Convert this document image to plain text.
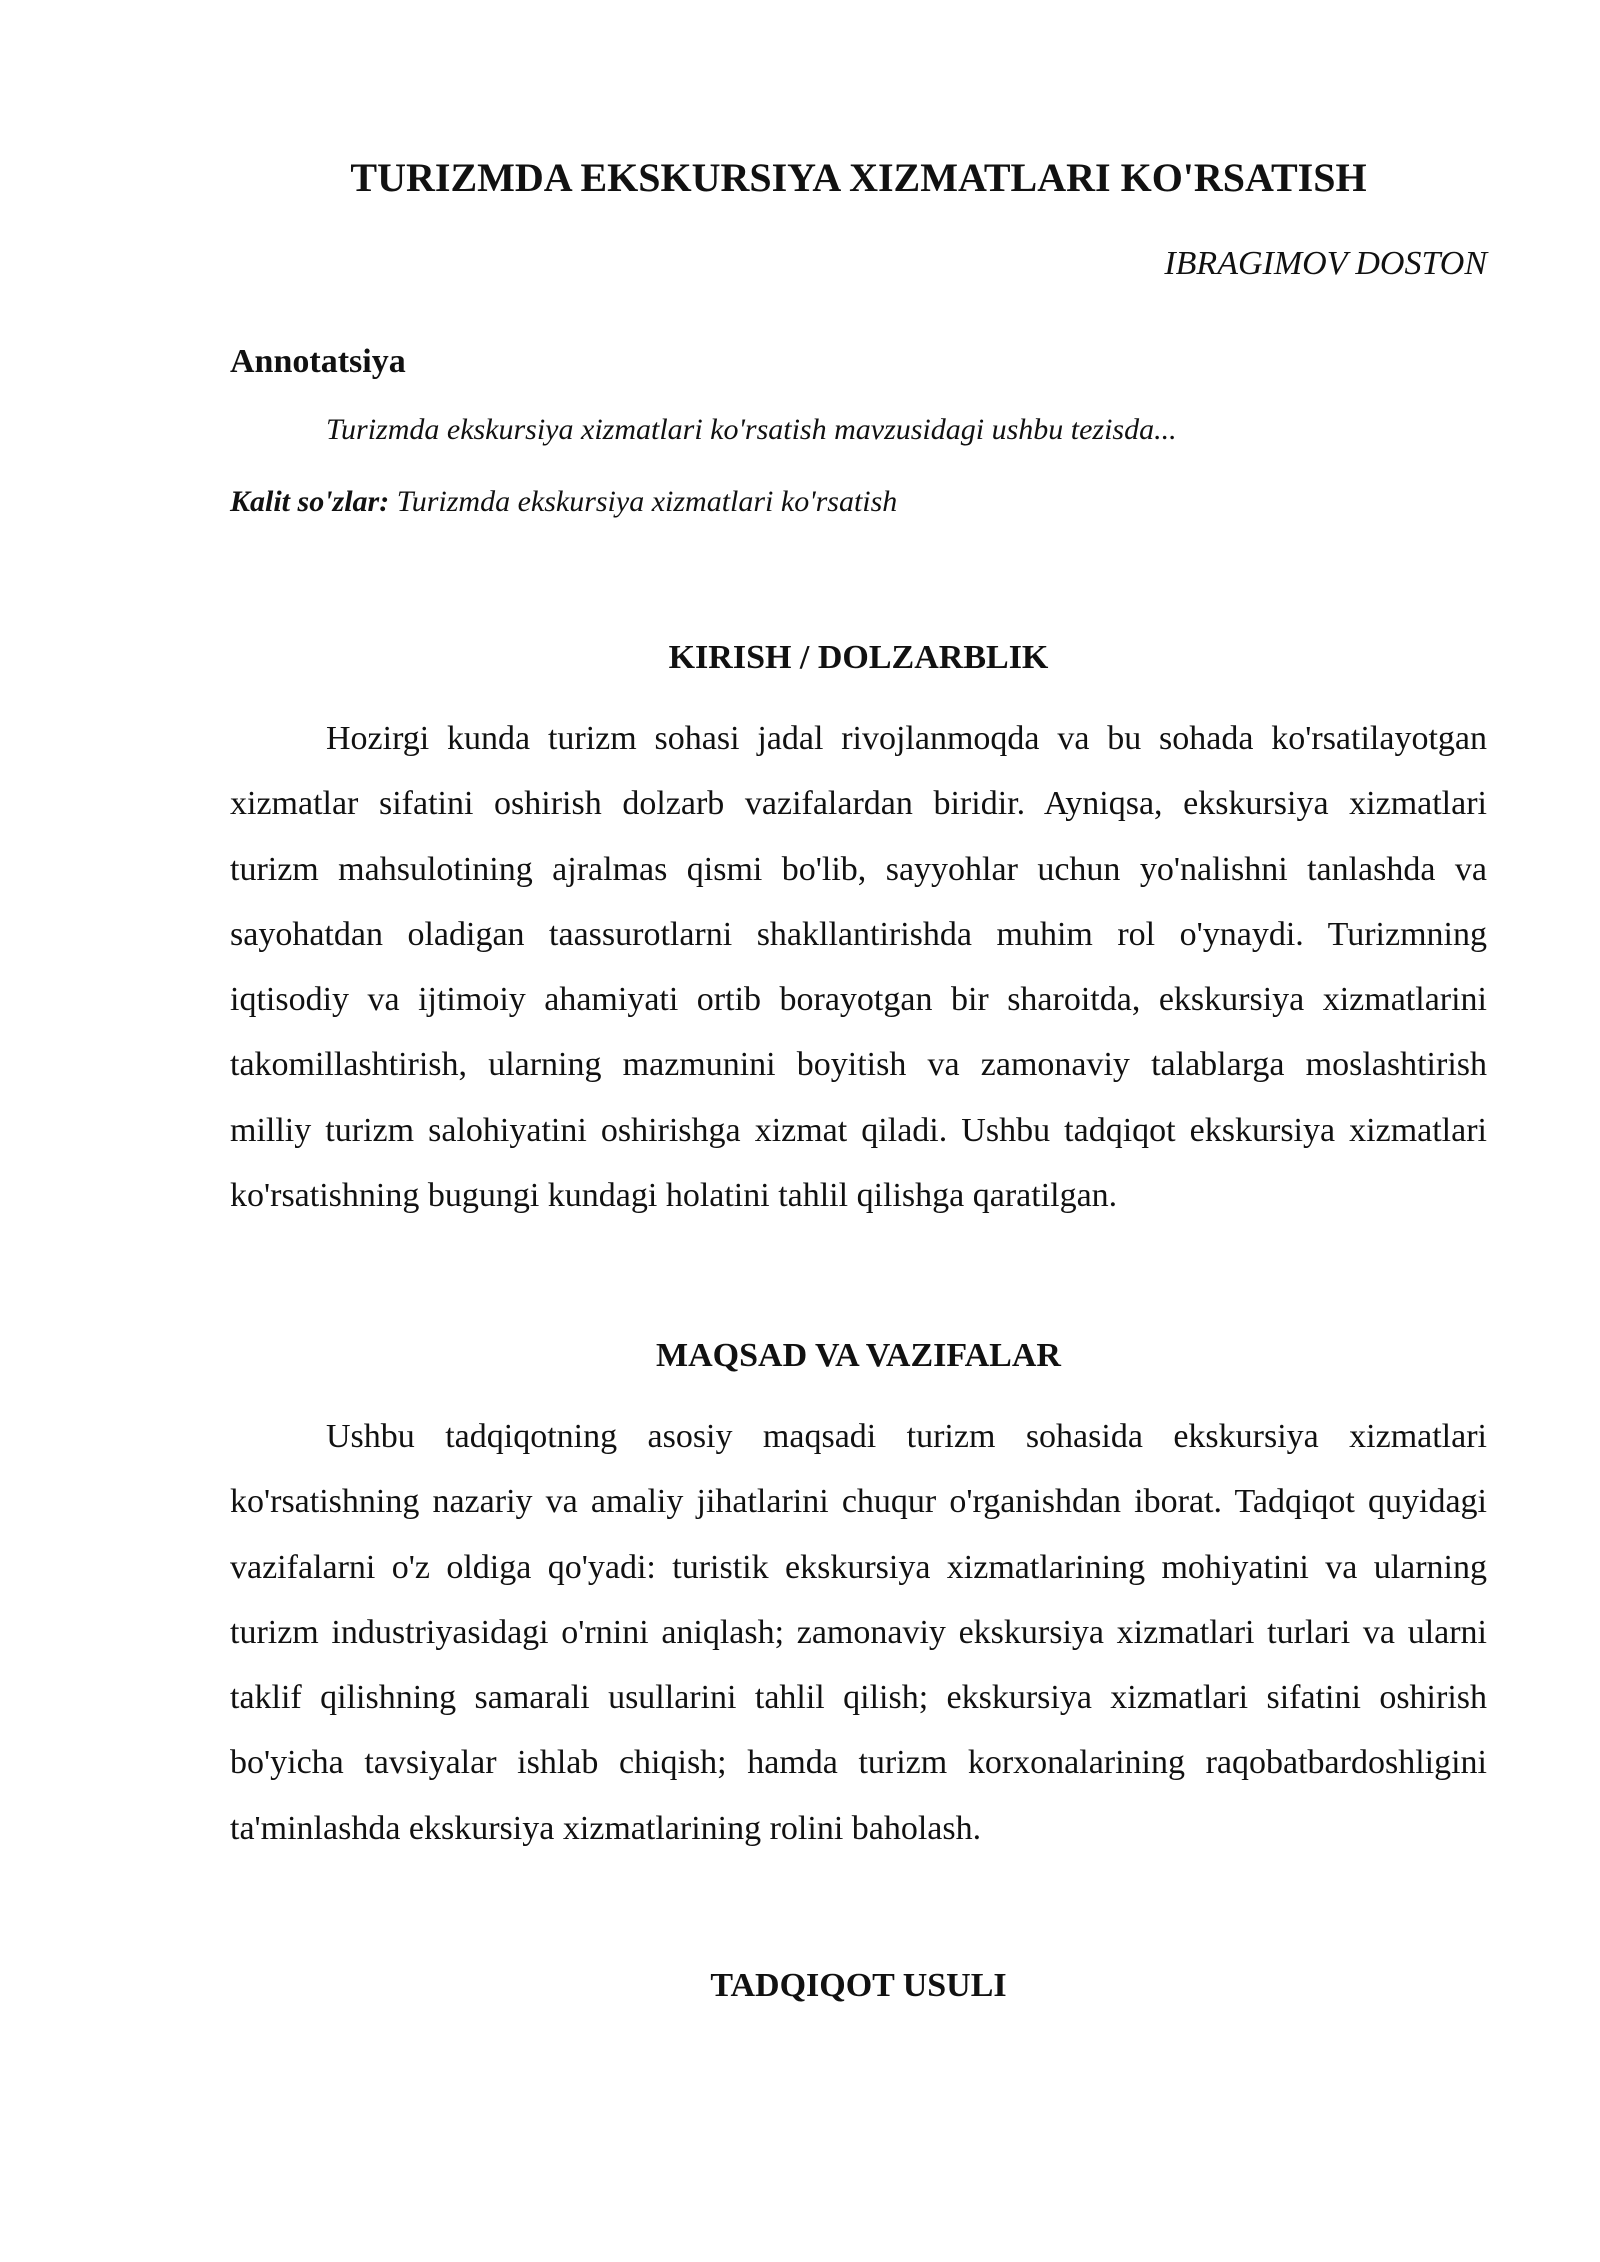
TURIZMDA EKSKURSIYA XIZMATLARI KO'RSATISH

IBRAGIMOV DOSTON

Annotatsiya

Turizmda ekskursiya xizmatlari ko'rsatish mavzusidagi ushbu tezisda...

Kalit so'zlar: Turizmda ekskursiya xizmatlari ko'rsatish

KIRISH / DOLZARBLIK

Hozirgi kunda turizm sohasi jadal rivojlanmoqda va bu sohada ko'rsatilayotgan xizmatlar sifatini oshirish dolzarb vazifalardan biridir. Ayniqsa, ekskursiya xizmatlari turizm mahsulotining ajralmas qismi bo'lib, sayyohlar uchun yo'nalishni tanlashda va sayohatdan oladigan taassurotlarni shakllantirishda muhim rol o'ynaydi. Turizmning iqtisodiy va ijtimoiy ahamiyati ortib borayotgan bir sharoitda, ekskursiya xizmatlarini takomillashtirish, ularning mazmunini boyitish va zamonaviy talablarga moslashtirish milliy turizm salohiyatini oshirishga xizmat qiladi. Ushbu tadqiqot ekskursiya xizmatlari ko'rsatishning bugungi kundagi holatini tahlil qilishga qaratilgan.

MAQSAD VA VAZIFALAR

Ushbu tadqiqotning asosiy maqsadi turizm sohasida ekskursiya xizmatlari ko'rsatishning nazariy va amaliy jihatlarini chuqur o'rganishdan iborat. Tadqiqot quyidagi vazifalarni o'z oldiga qo'yadi: turistik ekskursiya xizmatlarining mohiyatini va ularning turizm industriyasidagi o'rnini aniqlash; zamonaviy ekskursiya xizmatlari turlari va ularni taklif qilishning samarali usullarini tahlil qilish; ekskursiya xizmatlari sifatini oshirish bo'yicha tavsiyalar ishlab chiqish; hamda turizm korxonalarining raqobatbardoshligini ta'minlashda ekskursiya xizmatlarining rolini baholash.

TADQIQOT USULI
